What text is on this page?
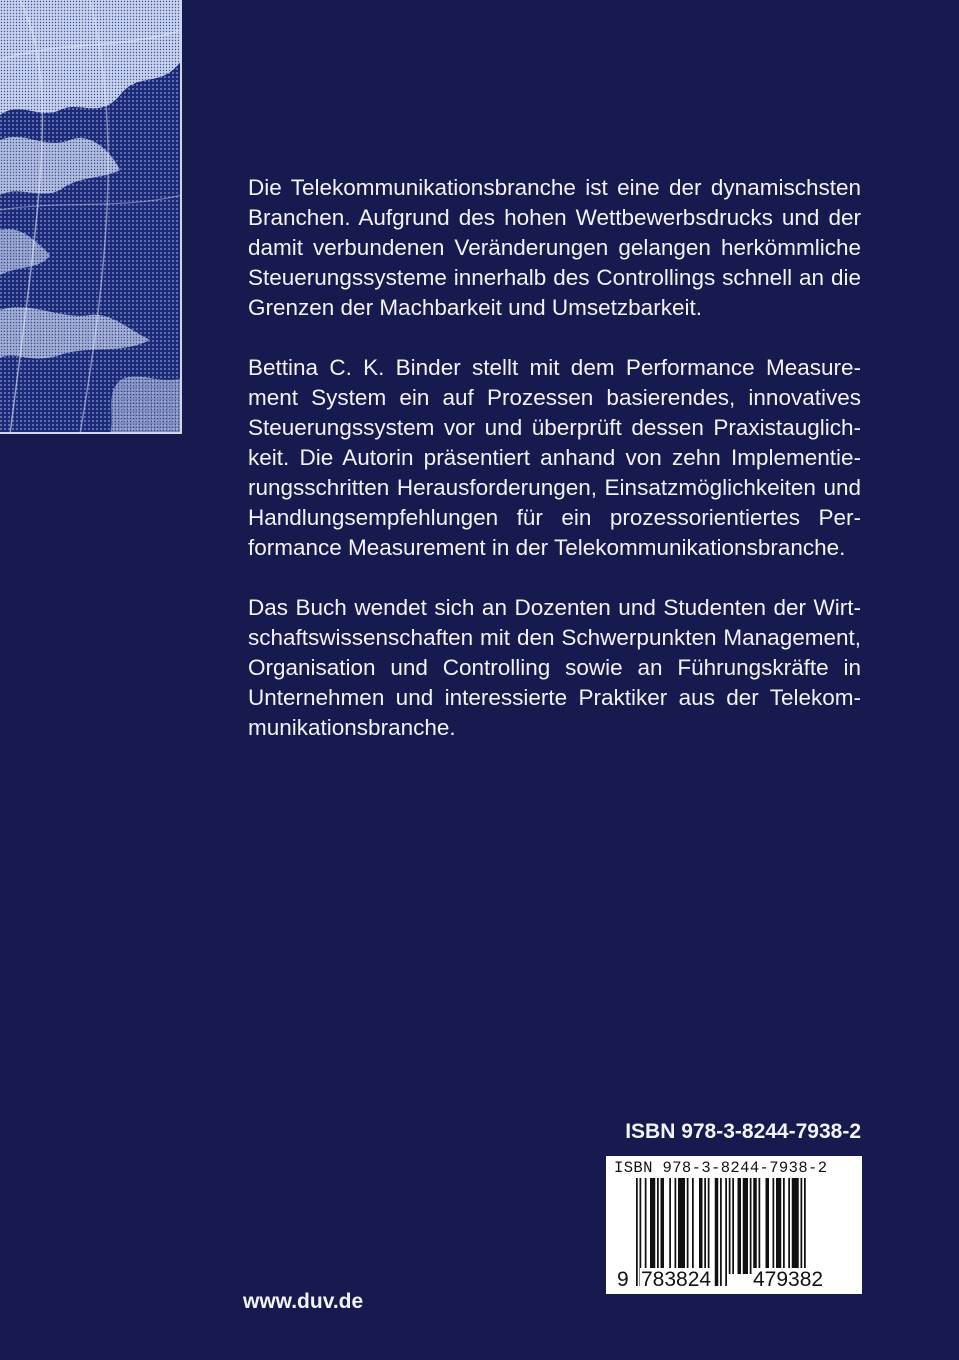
Die Telekommunikationsbranche ist eine der dynamischsten Branchen. Aufgrund des hohen Wettbewerbsdrucks und der damit verbundenen Veränderungen gelangen herkömmliche Steuerungssysteme innerhalb des Controllings schnell an die Grenzen der Machbarkeit und Umsetzbarkeit.

Bettina C. K. Binder stellt mit dem Performance Measurement System ein auf Prozessen basierendes, innovatives Steuerungssystem vor und überprüft dessen Praxistauglichkeit. Die Autorin präsentiert anhand von zehn Implementierungsschritten Herausforderungen, Einsatzmöglichkeiten und Handlungsempfehlungen für ein prozessorientiertes Performance Measurement in der Telekommunikationsbranche.

Das Buch wendet sich an Dozenten und Studenten der Wirtschaftswissenschaften mit den Schwerpunkten Management, Organisation und Controlling sowie an Führungskräfte in Unternehmen und interessierte Praktiker aus der Telekommunikationsbranche.

ISBN 978-3-8244-7938-2
ISBN 978-3-8244-7938-2
9 783824 479382
www.duv.de
